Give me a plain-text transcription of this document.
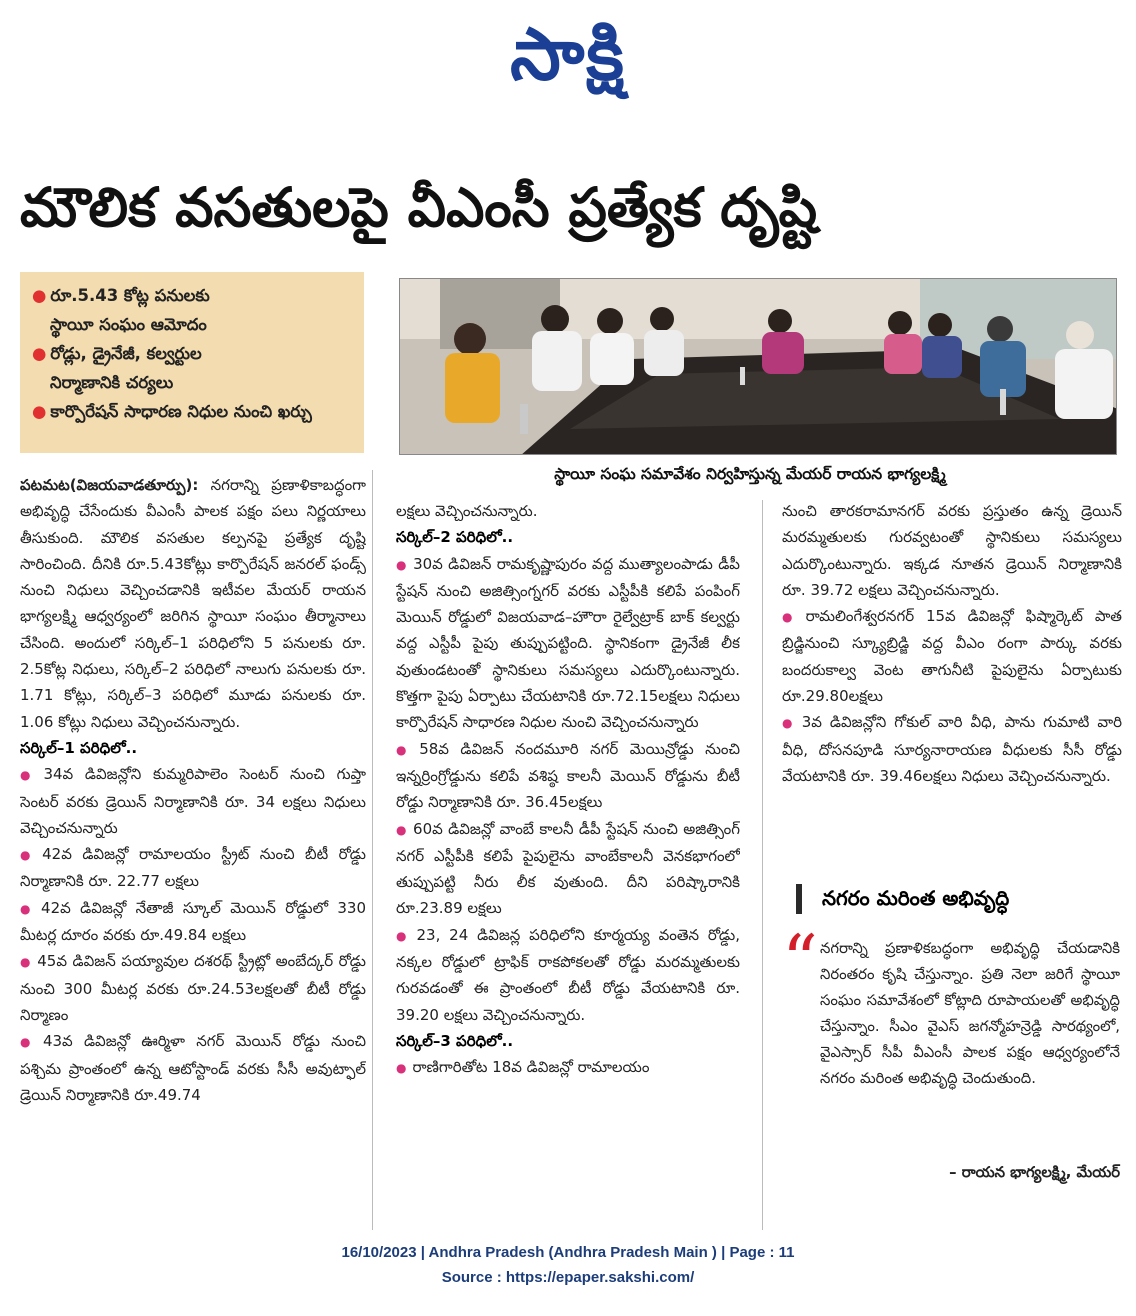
సాక్షి
మౌలిక వసతులపై వీఎంసీ ప్రత్యేక దృష్టి
● రూ.5.43 కోట్ల పనులకు
స్థాయీ సంఘం ఆమోదం
● రోడ్లు, డ్రైనేజీ, కల్వర్టుల
నిర్మాణానికి చర్యలు
● కార్పొరేషన్ సాధారణ నిధుల నుంచి ఖర్చు
స్థాయీ సంఘ సమావేశం నిర్వహిస్తున్న మేయర్ రాయన భాగ్యలక్ష్మి

పటమట(విజయవాడతూర్పు): నగరాన్ని ప్రణాళికాబద్ధంగా అభివృద్ధి చేసేందుకు వీఎంసీ పాలక పక్షం పలు నిర్ణయాలు తీసుకుంది. మౌలిక వసతుల కల్పనపై ప్రత్యేక దృష్టి సారించింది. దీనికి రూ.5.43కోట్లు కార్పొరేషన్ జనరల్ ఫండ్స్ నుంచి నిధులు వెచ్చించడానికి ఇటీవల మేయర్ రాయన భాగ్యలక్ష్మి ఆధ్వర్యంలో జరిగిన స్థాయీ సంఘం తీర్మానాలు చేసింది. అందులో సర్కిల్–1 పరిధిలోని 5 పనులకు రూ. 2.5కోట్ల నిధులు, సర్కిల్–2 పరిధిలో నాలుగు పనులకు రూ. 1.71 కోట్లు, సర్కిల్–3 పరిధిలో మూడు పనులకు రూ. 1.06 కోట్లు నిధులు వెచ్చించనున్నారు.

సర్కిల్–1 పరిధిలో..

● 34వ డివిజన్లోని కుమ్మరిపాలెం సెంటర్ నుంచి గుప్తా సెంటర్ వరకు డ్రెయిన్ నిర్మాణానికి రూ. 34 లక్షలు నిధులు వెచ్చించనున్నారు

● 42వ డివిజన్లో రామాలయం స్ట్రీట్ నుంచి బీటీ రోడ్డు నిర్మాణానికి రూ. 22.77 లక్షలు

● 42వ డివిజన్లో నేతాజీ స్కూల్ మెయిన్ రోడ్డులో 330 మీటర్ల దూరం వరకు రూ.49.84 లక్షలు

● 45వ డివిజన్ పయ్యావుల దశరథ్ స్ట్రీట్లో అంబేద్కర్ రోడ్డు నుంచి 300 మీటర్ల వరకు రూ.24.53లక్షలతో బీటీ రోడ్డు నిర్మాణం

● 43వ డివిజన్లో ఊర్మిళా నగర్ మెయిన్ రోడ్డు నుంచి పశ్చిమ ప్రాంతంలో ఉన్న ఆటోస్టాండ్ వరకు సీసీ అవుట్ఫాల్ డ్రెయిన్ నిర్మాణానికి రూ.49.74

లక్షలు వెచ్చించనున్నారు.

సర్కిల్–2 పరిధిలో..

● 30వ డివిజన్ రామకృష్ణాపురం వద్ద ముత్యాలంపాడు డీపీ స్టేషన్ నుంచి అజిత్సింగ్నగర్ వరకు ఎస్టీపీకి కలిపే పంపింగ్ మెయిన్ రోడ్డులో విజయవాడ–హౌరా రైల్వేట్రాక్ బాక్ కల్వర్టు వద్ద ఎస్టీపీ పైపు తుప్పుపట్టింది. స్థానికంగా డ్రైనేజీ లీక వుతుండటంతో స్థానికులు సమస్యలు ఎదుర్కొంటున్నారు. కొత్తగా పైపు ఏర్పాటు చేయటానికి రూ.72.15లక్షలు నిధులు కార్పొరేషన్ సాధారణ నిధుల నుంచి వెచ్చించనున్నారు

● 58వ డివిజన్ నందమూరి నగర్ మెయిన్రోడ్డు నుంచి ఇన్నర్రింగ్రోడ్డును కలిపే వశిష్ఠ కాలనీ మెయిన్ రోడ్డును బీటీ రోడ్డు నిర్మాణానికి రూ. 36.45లక్షలు

● 60వ డివిజన్లో వాంబే కాలనీ డీపీ స్టేషన్ నుంచి అజిత్సింగ్ నగర్ ఎస్టీపీకి కలిపే పైపులైను వాంబేకాలనీ వెనకభాగంలో తుప్పుపట్టి నీరు లీక వుతుంది. దీని పరిష్కారానికి రూ.23.89 లక్షలు

● 23, 24 డివిజన్ల పరిధిలోని కూర్మయ్య వంతెన రోడ్డు, నక్కల రోడ్డులో ట్రాఫిక్ రాకపోకలతో రోడ్డు మరమ్మతులకు గురవడంతో ఈ ప్రాంతంలో బీటీ రోడ్డు వేయటానికి రూ. 39.20 లక్షలు వెచ్చించనున్నారు.

సర్కిల్–3 పరిధిలో..

● రాణిగారితోట 18వ డివిజన్లో రామాలయం

నుంచి తారకరామానగర్ వరకు ప్రస్తుతం ఉన్న డ్రెయిన్ మరమ్మతులకు గురవ్వటంతో స్థానికులు సమస్యలు ఎదుర్కొంటున్నారు. ఇక్కడ నూతన డ్రెయిన్ నిర్మాణానికి రూ. 39.72 లక్షలు వెచ్చించనున్నారు.

● రామలింగేశ్వరనగర్ 15వ డివిజన్లో ఫిష్మార్కెట్ పాత బ్రిడ్జినుంచి స్క్యూబ్రిడ్జి వద్ద వీఎం రంగా పార్కు వరకు బందరుకాల్వ వెంట తాగునీటి పైపులైను ఏర్పాటుకు రూ.29.80లక్షలు

● 3వ డివిజన్లోని గోకుల్ వారి వీధి, పాను గుమాటి వారి వీధి, దోసనపూడి సూర్యనారాయణ వీధులకు సీసీ రోడ్డు వేయటానికి రూ. 39.46లక్షలు నిధులు వెచ్చించనున్నారు.

నగరం మరింత అభివృద్ధి
“ నగరాన్ని ప్రణాళికబద్ధంగా అభివృద్ధి చేయడానికి నిరంతరం కృషి చేస్తున్నాం. ప్రతి నెలా జరిగే స్థాయీ సంఘం సమావేశంలో కోట్లాది రూపాయలతో అభివృద్ధి చేస్తున్నాం. సీఎం వైఎస్ జగన్మోహన్రెడ్డి సారథ్యంలో, వైఎస్సార్ సీపీ వీఎంసీ పాలక పక్షం ఆధ్వర్యంలోనే నగరం మరింత అభివృద్ధి చెందుతుంది.
– రాయన భాగ్యలక్ష్మి, మేయర్
16/10/2023 | Andhra Pradesh (Andhra Pradesh Main ) | Page : 11
Source : https://epaper.sakshi.com/
